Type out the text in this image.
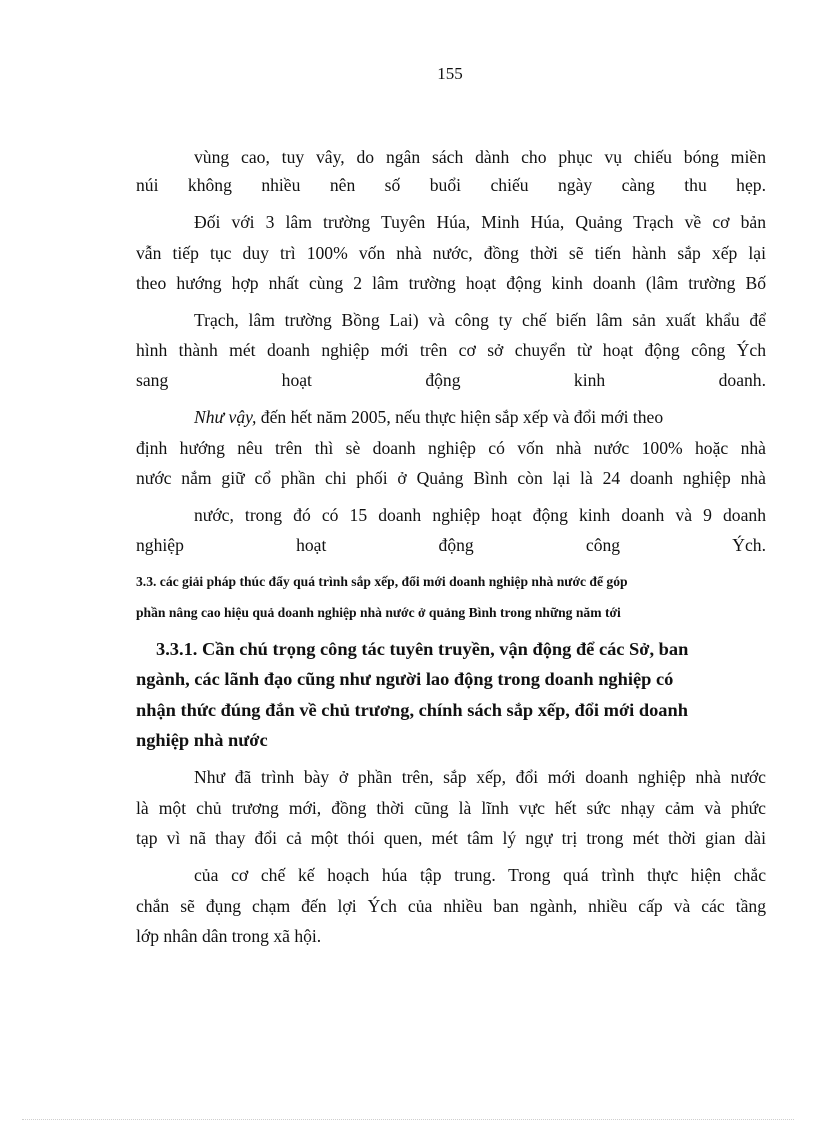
155
vùng cao, tuy vây, do ngân sách dành cho phục vụ chiếu bóng miền
núi không nhiều nên số buổi chiếu ngày càng thu hẹp.
Đối với 3 lâm trường Tuyên Húa, Minh Húa, Quảng Trạch về cơ bản
vẫn tiếp tục duy trì 100% vốn nhà nước, đồng thời sẽ tiến hành sắp xếp lại
theo hướng hợp nhất cùng 2 lâm trường hoạt động kinh doanh (lâm trường Bố
Trạch, lâm trường Bồng Lai) và công ty chế biến lâm sản xuất khẩu để
hình thành mét doanh nghiệp mới trên cơ sở chuyển từ hoạt động công Ých
sang hoạt động kinh doanh.
Như vậy, đến hết năm 2005, nếu thực hiện sắp xếp và đổi mới theo
định hướng nêu trên thì sè doanh nghiệp có vốn nhà nước 100% hoặc nhà
nước nắm giữ cổ phần chi phối ở Quảng Bình còn lại là 24 doanh nghiệp nhà
nước, trong đó có 15 doanh nghiệp hoạt động kinh doanh và 9 doanh
nghiệp hoạt động công Ých.
3.3. các giải pháp thúc đẩy quá trình sắp xếp, đổi mới doanh nghiệp nhà nước để góp
phần nâng cao hiệu quả doanh nghiệp nhà nước ở quảng Bình trong những năm tới
3.3.1. Cần chú trọng công tác tuyên truyền, vận động để các Sở, ban
ngành, các lãnh đạo cũng như người lao động trong doanh nghiệp có
nhận thức đúng đắn về chủ trương, chính sách sắp xếp, đổi mới doanh
nghiệp nhà nước
Như đã trình bày ở phần trên, sắp xếp, đổi mới doanh nghiệp nhà nước
là một chủ trương mới, đồng thời cũng là lĩnh vực hết sức nhạy cảm và phức
tạp vì nã thay đổi cả một thói quen, mét tâm lý ngự trị trong mét thời gian dài
của cơ chế kế hoạch húa tập trung. Trong quá trình thực hiện chắc
chắn sẽ đụng chạm đến lợi Ých của nhiều ban ngành, nhiều cấp và các tầng
lớp nhân dân trong xã hội.
